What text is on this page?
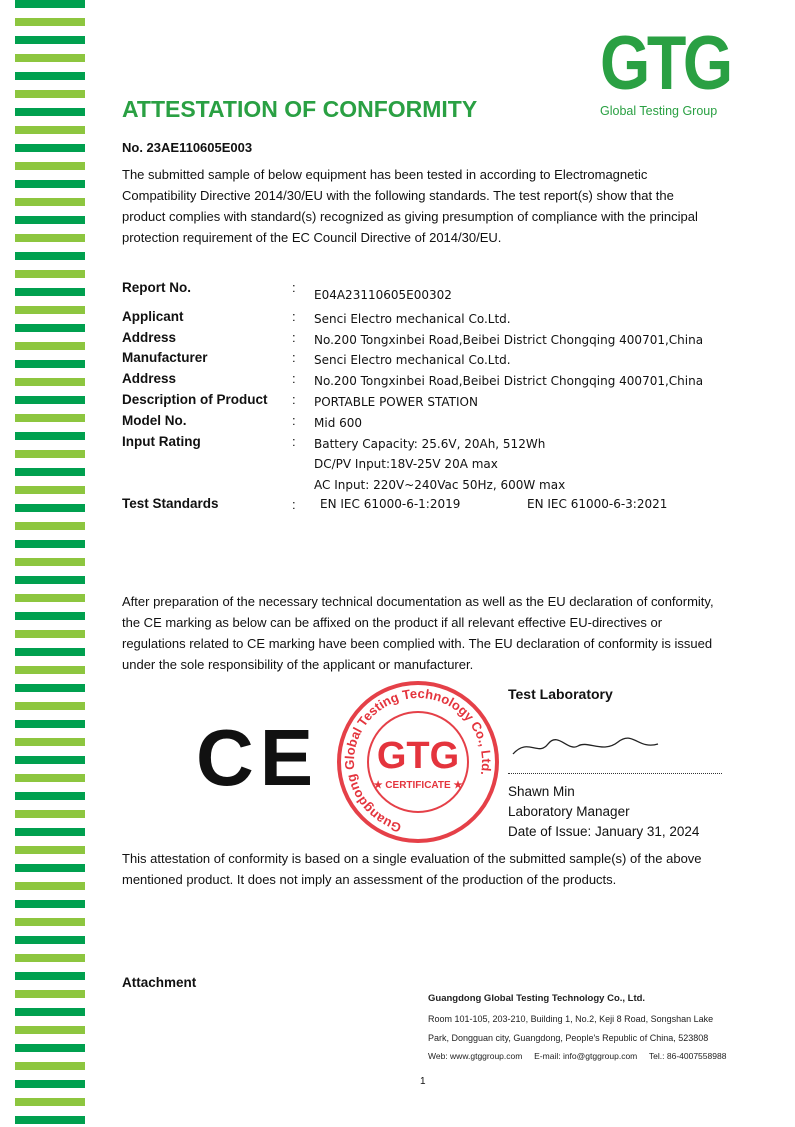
GTG
Global Testing Group
ATTESTATION OF CONFORMITY
No. 23AE110605E003
The submitted sample of below equipment has been tested in according to Electromagnetic
Compatibility Directive 2014/30/EU with the following standards. The test report(s) show that the
product complies with standard(s) recognized as giving presumption of compliance with the principal
protection requirement of the EC Council Directive of 2014/30/EU.
Report No.	: E04A23110605E00302
Applicant	: Senci Electro mechanical Co.Ltd.
Address	: No.200 Tongxinbei Road,Beibei District Chongqing 400701,China
Manufacturer	: Senci Electro mechanical Co.Ltd.
Address	: No.200 Tongxinbei Road,Beibei District Chongqing 400701,China
Description of Product : PORTABLE POWER STATION
Model No.	: Mid 600
Input Rating	: Battery Capacity: 25.6V, 20Ah, 512Wh
DC/PV Input:18V-25V 20A max
AC Input: 220V~240Vac 50Hz, 600W max
Test Standards	: EN IEC 61000-6-1:2019	EN IEC 61000-6-3:2021
After preparation of the necessary technical documentation as well as the EU declaration of conformity,
the CE marking as below can be affixed on the product if all relevant effective EU-directives or
regulations related to CE marking have been complied with. The EU declaration of conformity is issued
under the sole responsibility of the applicant or manufacturer.
CE
Test Laboratory
Shawn Min
Laboratory Manager
Date of Issue: January 31, 2024
Guangdong Global Testing Technology Co., Ltd.
GTG
★ CERTIFICATE ★
This attestation of conformity is based on a single evaluation of the submitted sample(s) of the above
mentioned product. It does not imply an assessment of the production of the products.
Attachment
Guangdong Global Testing Technology Co., Ltd.
Room 101-105, 203-210, Building 1, No.2, Keji 8 Road, Songshan Lake
Park, Dongguan city, Guangdong, People's Republic of China, 523808
Web: www.gtggroup.com     E-mail: info@gtggroup.com     Tel.: 86-4007558988
1
